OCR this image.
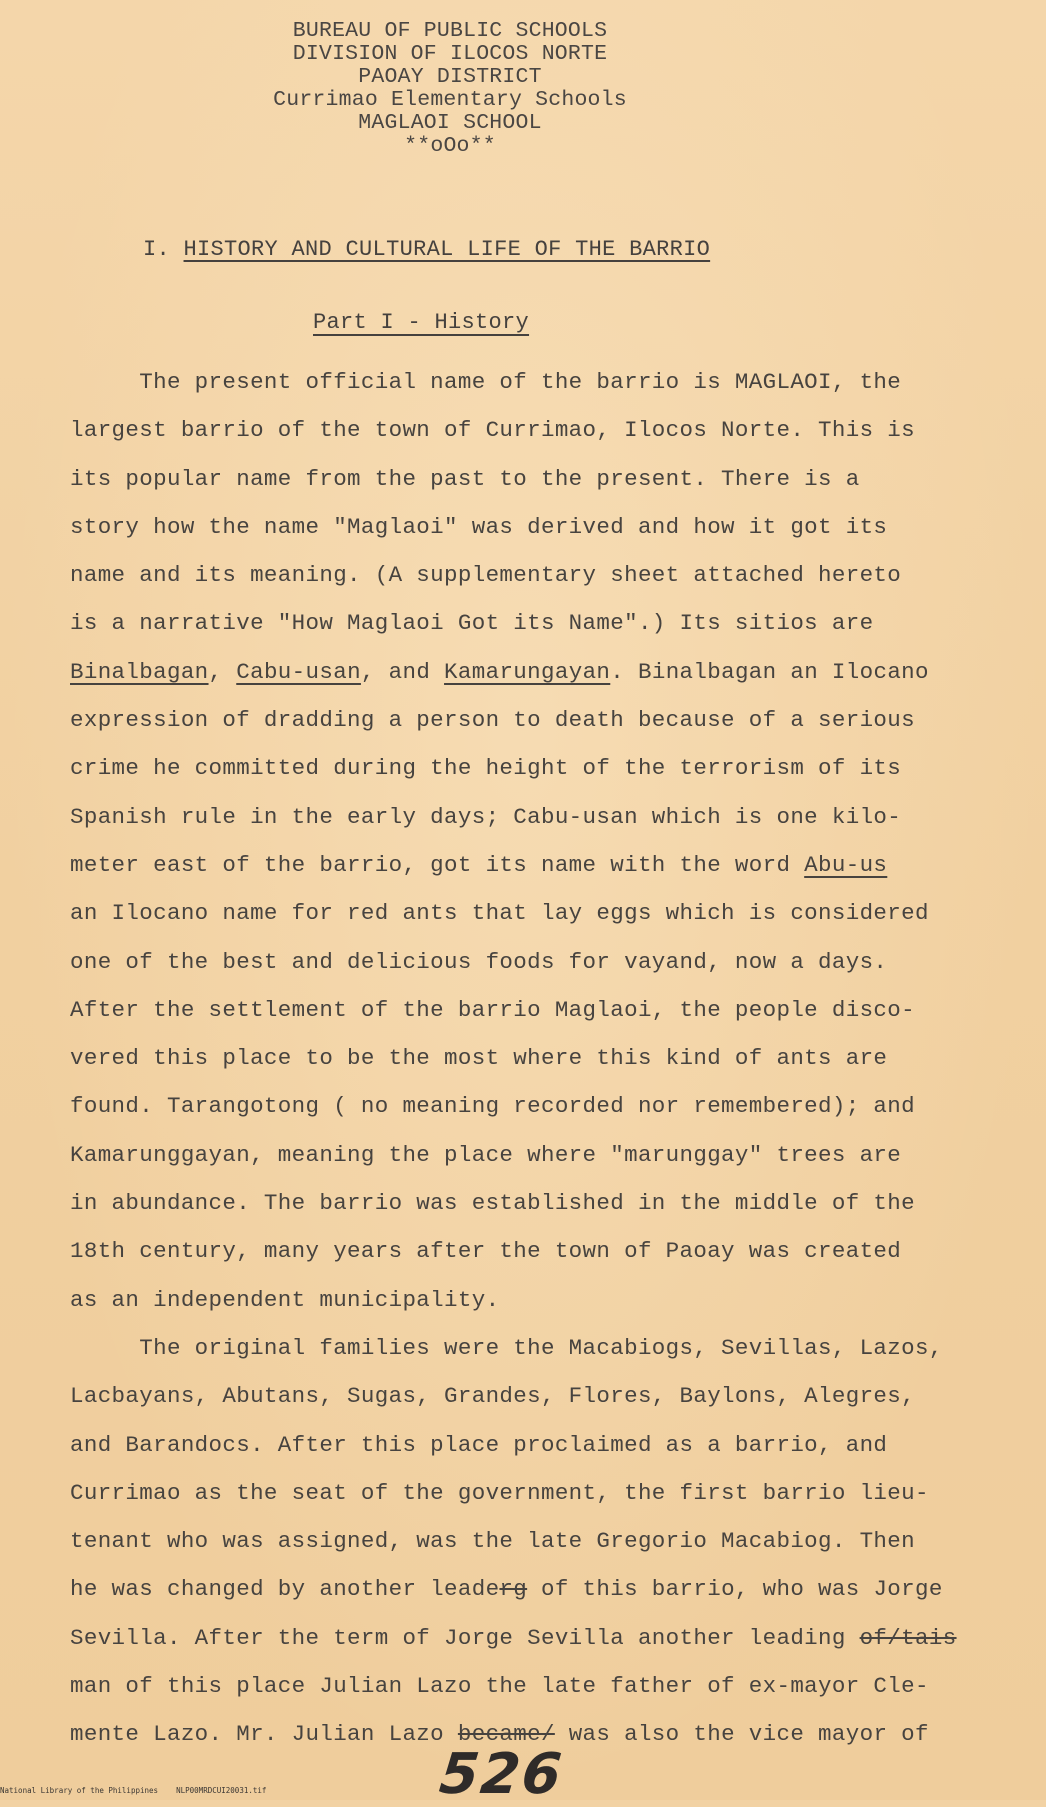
BUREAU OF PUBLIC SCHOOLS
DIVISION OF ILOCOS NORTE
PAOAY DISTRICT
Currimao Elementary Schools
MAGLAOI SCHOOL
**oOo**
I. HISTORY AND CULTURAL LIFE OF THE BARRIO
Part I - History
The present official name of the barrio is MAGLAOI, the
largest barrio of the town of Currimao, Ilocos Norte. This is
its popular name from the past to the present. There is a
story how the name "Maglaoi" was derived and how it got its
name and its meaning. (A supplementary sheet attached hereto
is a narrative "How Maglaoi Got its Name".) Its sitios are
Binalbagan, Cabu-usan, and Kamarungayan. Binalbagan an Ilocano
expression of dradding a person to death because of a serious
crime he committed during the height of the terrorism of its
Spanish rule in the early days; Cabu-usan which is one kilo-
meter east of the barrio, got its name with the word Abu-us
an Ilocano name for red ants that lay eggs which is considered
one of the best and delicious foods for vayand, now a days.
After the settlement of the barrio Maglaoi, the people disco-
vered this place to be the most where this kind of ants are
found. Tarangotong ( no meaning recorded nor remembered); and
Kamarunggayan, meaning the place where "marunggay" trees are
in abundance. The barrio was established in the middle of the
18th century, many years after the town of Paoay was created
as an independent municipality.
The original families were the Macabiogs, Sevillas, Lazos,
Lacbayans, Abutans, Sugas, Grandes, Flores, Baylons, Alegres,
and Barandocs. After this place proclaimed as a barrio, and
Currimao as the seat of the government, the first barrio lieu-
tenant who was assigned, was the late Gregorio Macabiog. Then
he was changed by another leaderg of this barrio, who was Jorge
Sevilla. After the term of Jorge Sevilla another leading of/tais
man of this place Julian Lazo the late father of ex-mayor Cle-
mente Lazo. Mr. Julian Lazo became/ was also the vice mayor of
526
National Library of the Philippines    NLP00MRDCUI20031.tif
